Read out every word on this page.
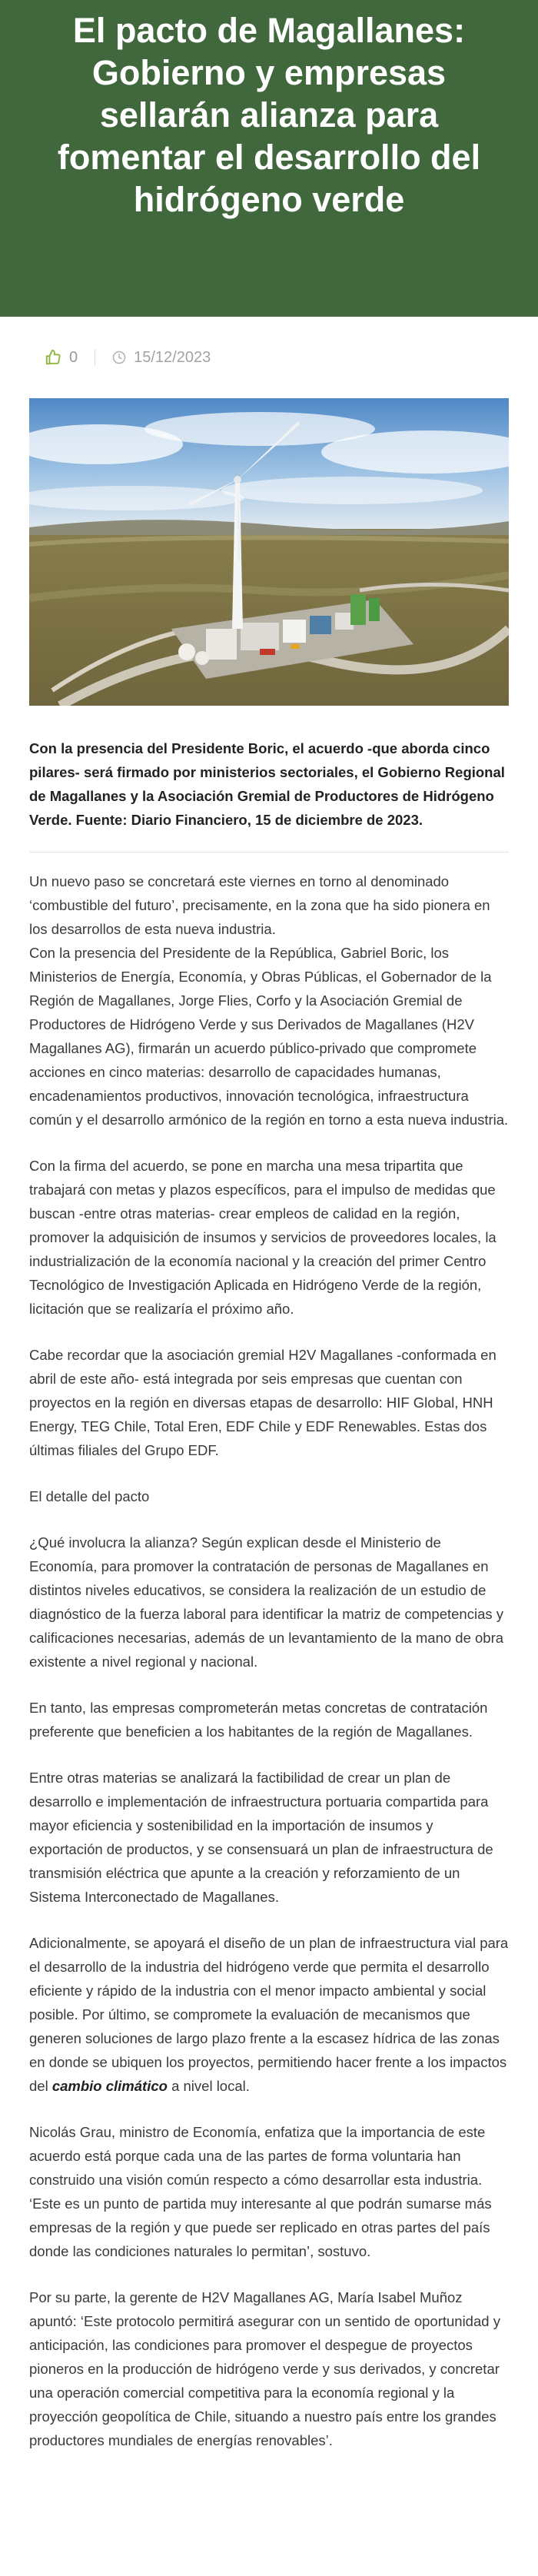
El pacto de Magallanes: Gobierno y empresas sellarán alianza para fomentar el desarrollo del hidrógeno verde
0	15/12/2023

Con la presencia del Presidente Boric, el acuerdo -que aborda cinco pilares- será firmado por ministerios sectoriales, el Gobierno Regional de Magallanes y la Asociación Gremial de Productores de Hidrógeno Verde. Fuente: Diario Financiero, 15 de diciembre de 2023.

Un nuevo paso se concretará este viernes en torno al denominado ‘combustible del futuro’, precisamente, en la zona que ha sido pionera en los desarrollos de esta nueva industria.

Con la presencia del Presidente de la República, Gabriel Boric, los Ministerios de Energía, Economía, y Obras Públicas, el Gobernador de la Región de Magallanes, Jorge Flies, Corfo y la Asociación Gremial de Productores de Hidrógeno Verde y sus Derivados de Magallanes (H2V Magallanes AG), firmarán un acuerdo público-privado que compromete acciones en cinco materias: desarrollo de capacidades humanas, encadenamientos productivos, innovación tecnológica, infraestructura común y el desarrollo armónico de la región en torno a esta nueva industria.

Con la firma del acuerdo, se pone en marcha una mesa tripartita que trabajará con metas y plazos específicos, para el impulso de medidas que buscan -entre otras materias- crear empleos de calidad en la región, promover la adquisición de insumos y servicios de proveedores locales, la industrialización de la economía nacional y la creación del primer Centro Tecnológico de Investigación Aplicada en Hidrógeno Verde de la región, licitación que se realizaría el próximo año.

Cabe recordar que la asociación gremial H2V Magallanes -conformada en abril de este año- está integrada por seis empresas que cuentan con proyectos en la región en diversas etapas de desarrollo: HIF Global, HNH Energy, TEG Chile, Total Eren, EDF Chile y EDF Renewables. Estas dos últimas filiales del Grupo EDF.

El detalle del pacto

¿Qué involucra la alianza? Según explican desde el Ministerio de Economía, para promover la contratación de personas de Magallanes en distintos niveles educativos, se considera la realización de un estudio de diagnóstico de la fuerza laboral para identificar la matriz de competencias y calificaciones necesarias, además de un levantamiento de la mano de obra existente a nivel regional y nacional.

En tanto, las empresas comprometerán metas concretas de contratación preferente que beneficien a los habitantes de la región de Magallanes.

Entre otras materias se analizará la factibilidad de crear un plan de desarrollo e implementación de infraestructura portuaria compartida para mayor eficiencia y sostenibilidad en la importación de insumos y exportación de productos, y se consensuará un plan de infraestructura de transmisión eléctrica que apunte a la creación y reforzamiento de un Sistema Interconectado de Magallanes.

Adicionalmente, se apoyará el diseño de un plan de infraestructura vial para el desarrollo de la industria del hidrógeno verde que permita el desarrollo eficiente y rápido de la industria con el menor impacto ambiental y social posible. Por último, se compromete la evaluación de mecanismos que generen soluciones de largo plazo frente a la escasez hídrica de las zonas en donde se ubiquen los proyectos, permitiendo hacer frente a los impactos del cambio climático a nivel local.

Nicolás Grau, ministro de Economía, enfatiza que la importancia de este acuerdo está porque cada una de las partes de forma voluntaria han construido una visión común respecto a cómo desarrollar esta industria. ‘Este es un punto de partida muy interesante al que podrán sumarse más empresas de la región y que puede ser replicado en otras partes del país donde las condiciones naturales lo permitan’, sostuvo.

Por su parte, la gerente de H2V Magallanes AG, María Isabel Muñoz apuntó: ‘Este protocolo permitirá asegurar con un sentido de oportunidad y anticipación, las condiciones para promover el despegue de proyectos pioneros en la producción de hidrógeno verde y sus derivados, y concretar una operación comercial competitiva para la economía regional y la proyección geopolítica de Chile, situando a nuestro país entre los grandes productores mundiales de energías renovables’.
